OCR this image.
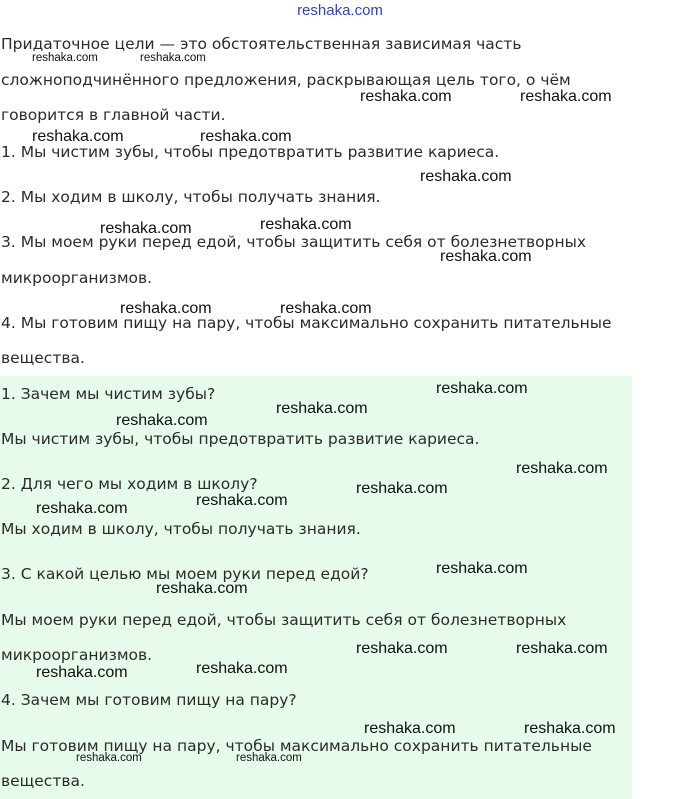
reshaka.com
Придаточное цели — это обстоятельственная зависимая часть
сложноподчинённого предложения, раскрывающая цель того, о чём
говорится в главной части.
1. Мы чистим зубы, чтобы предотвратить развитие кариеса.
2. Мы ходим в школу, чтобы получать знания.
3. Мы моем руки перед едой, чтобы защитить себя от болезнетворных
микроорганизмов.
4. Мы готовим пищу на пару, чтобы максимально сохранить питательные
вещества.
1. Зачем мы чистим зубы?
Мы чистим зубы, чтобы предотвратить развитие кариеса.
2. Для чего мы ходим в школу?
Мы ходим в школу, чтобы получать знания.
3. С какой целью мы моем руки перед едой?
Мы моем руки перед едой, чтобы защитить себя от болезнетворных
микроорганизмов.
4. Зачем мы готовим пищу на пару?
Мы готовим пищу на пару, чтобы максимально сохранить питательные
вещества.
reshaka.com	reshaka.com
reshaka.com	reshaka.com
reshaka.com	reshaka.com
reshaka.com
reshaka.com	reshaka.com
reshaka.com
reshaka.com	reshaka.com
reshaka.com
reshaka.com
reshaka.com
reshaka.com
reshaka.com
reshaka.com
reshaka.com
reshaka.com
reshaka.com
reshaka.com	reshaka.com
reshaka.com
reshaka.com
reshaka.com	reshaka.com
reshaka.com	reshaka.com
